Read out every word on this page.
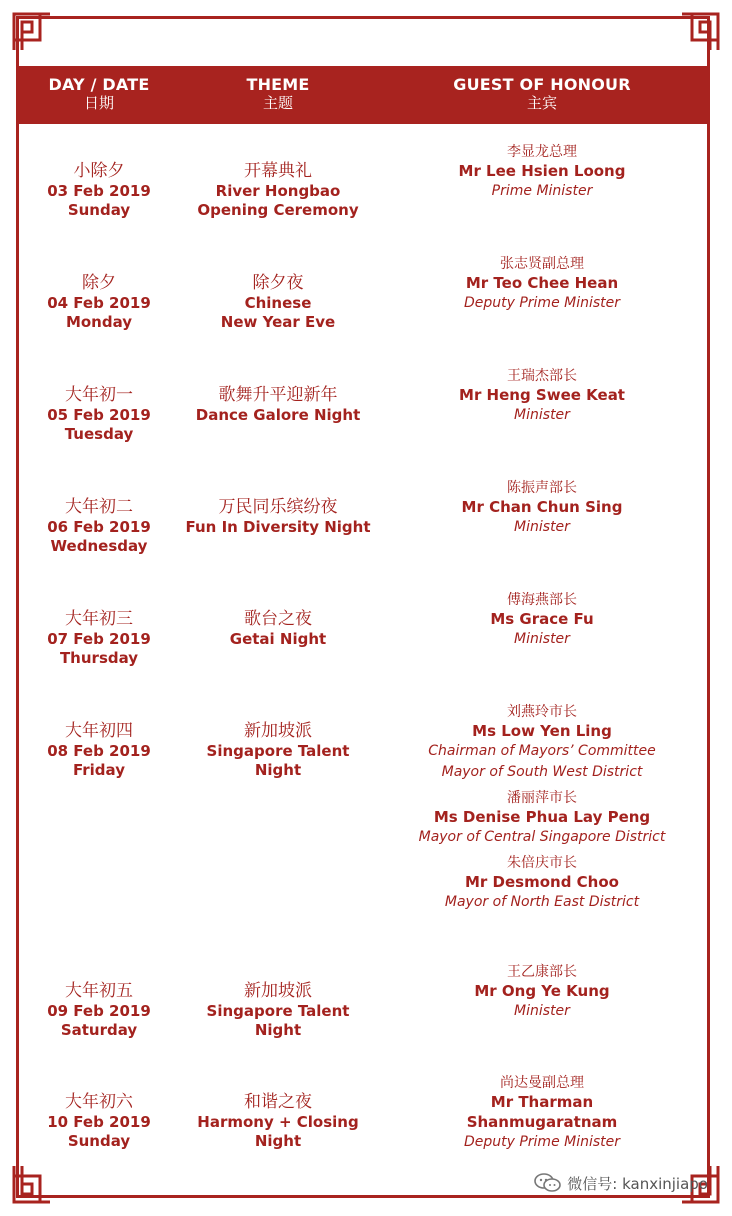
DAY / DATE
日期
THEME
主题
GUEST OF HONOUR
主宾
小除夕
03 Feb 2019
Sunday
开幕典礼
River Hongbao
Opening Ceremony
李显龙总理
Mr Lee Hsien Loong
Prime Minister
除夕
04 Feb 2019
Monday
除夕夜
Chinese
New Year Eve
张志贤副总理
Mr Teo Chee Hean
Deputy Prime Minister
大年初一
05 Feb 2019
Tuesday
歌舞升平迎新年
Dance Galore Night
王瑞杰部长
Mr Heng Swee Keat
Minister
大年初二
06 Feb 2019
Wednesday
万民同乐缤纷夜
Fun In Diversity Night
陈振声部长
Mr Chan Chun Sing
Minister
大年初三
07 Feb 2019
Thursday
歌台之夜
Getai Night
傅海燕部长
Ms Grace Fu
Minister
大年初四
08 Feb 2019
Friday
新加坡派
Singapore Talent Night
刘燕玲市长
Ms Low Yen Ling
Chairman of Mayors’ Committee
Mayor of South West District
潘丽萍市长
Ms Denise Phua Lay Peng
Mayor of Central Singapore District
朱倍庆市长
Mr Desmond Choo
Mayor of North East District
大年初五
09 Feb 2019
Saturday
新加坡派
Singapore Talent Night
王乙康部长
Mr Ong Ye Kung
Minister
大年初六
10 Feb 2019
Sunday
和谐之夜
Harmony + Closing Night
尚达曼副总理
Mr Tharman
Shanmugaratnam
Deputy Prime Minister
微信号: kanxinjiapo
